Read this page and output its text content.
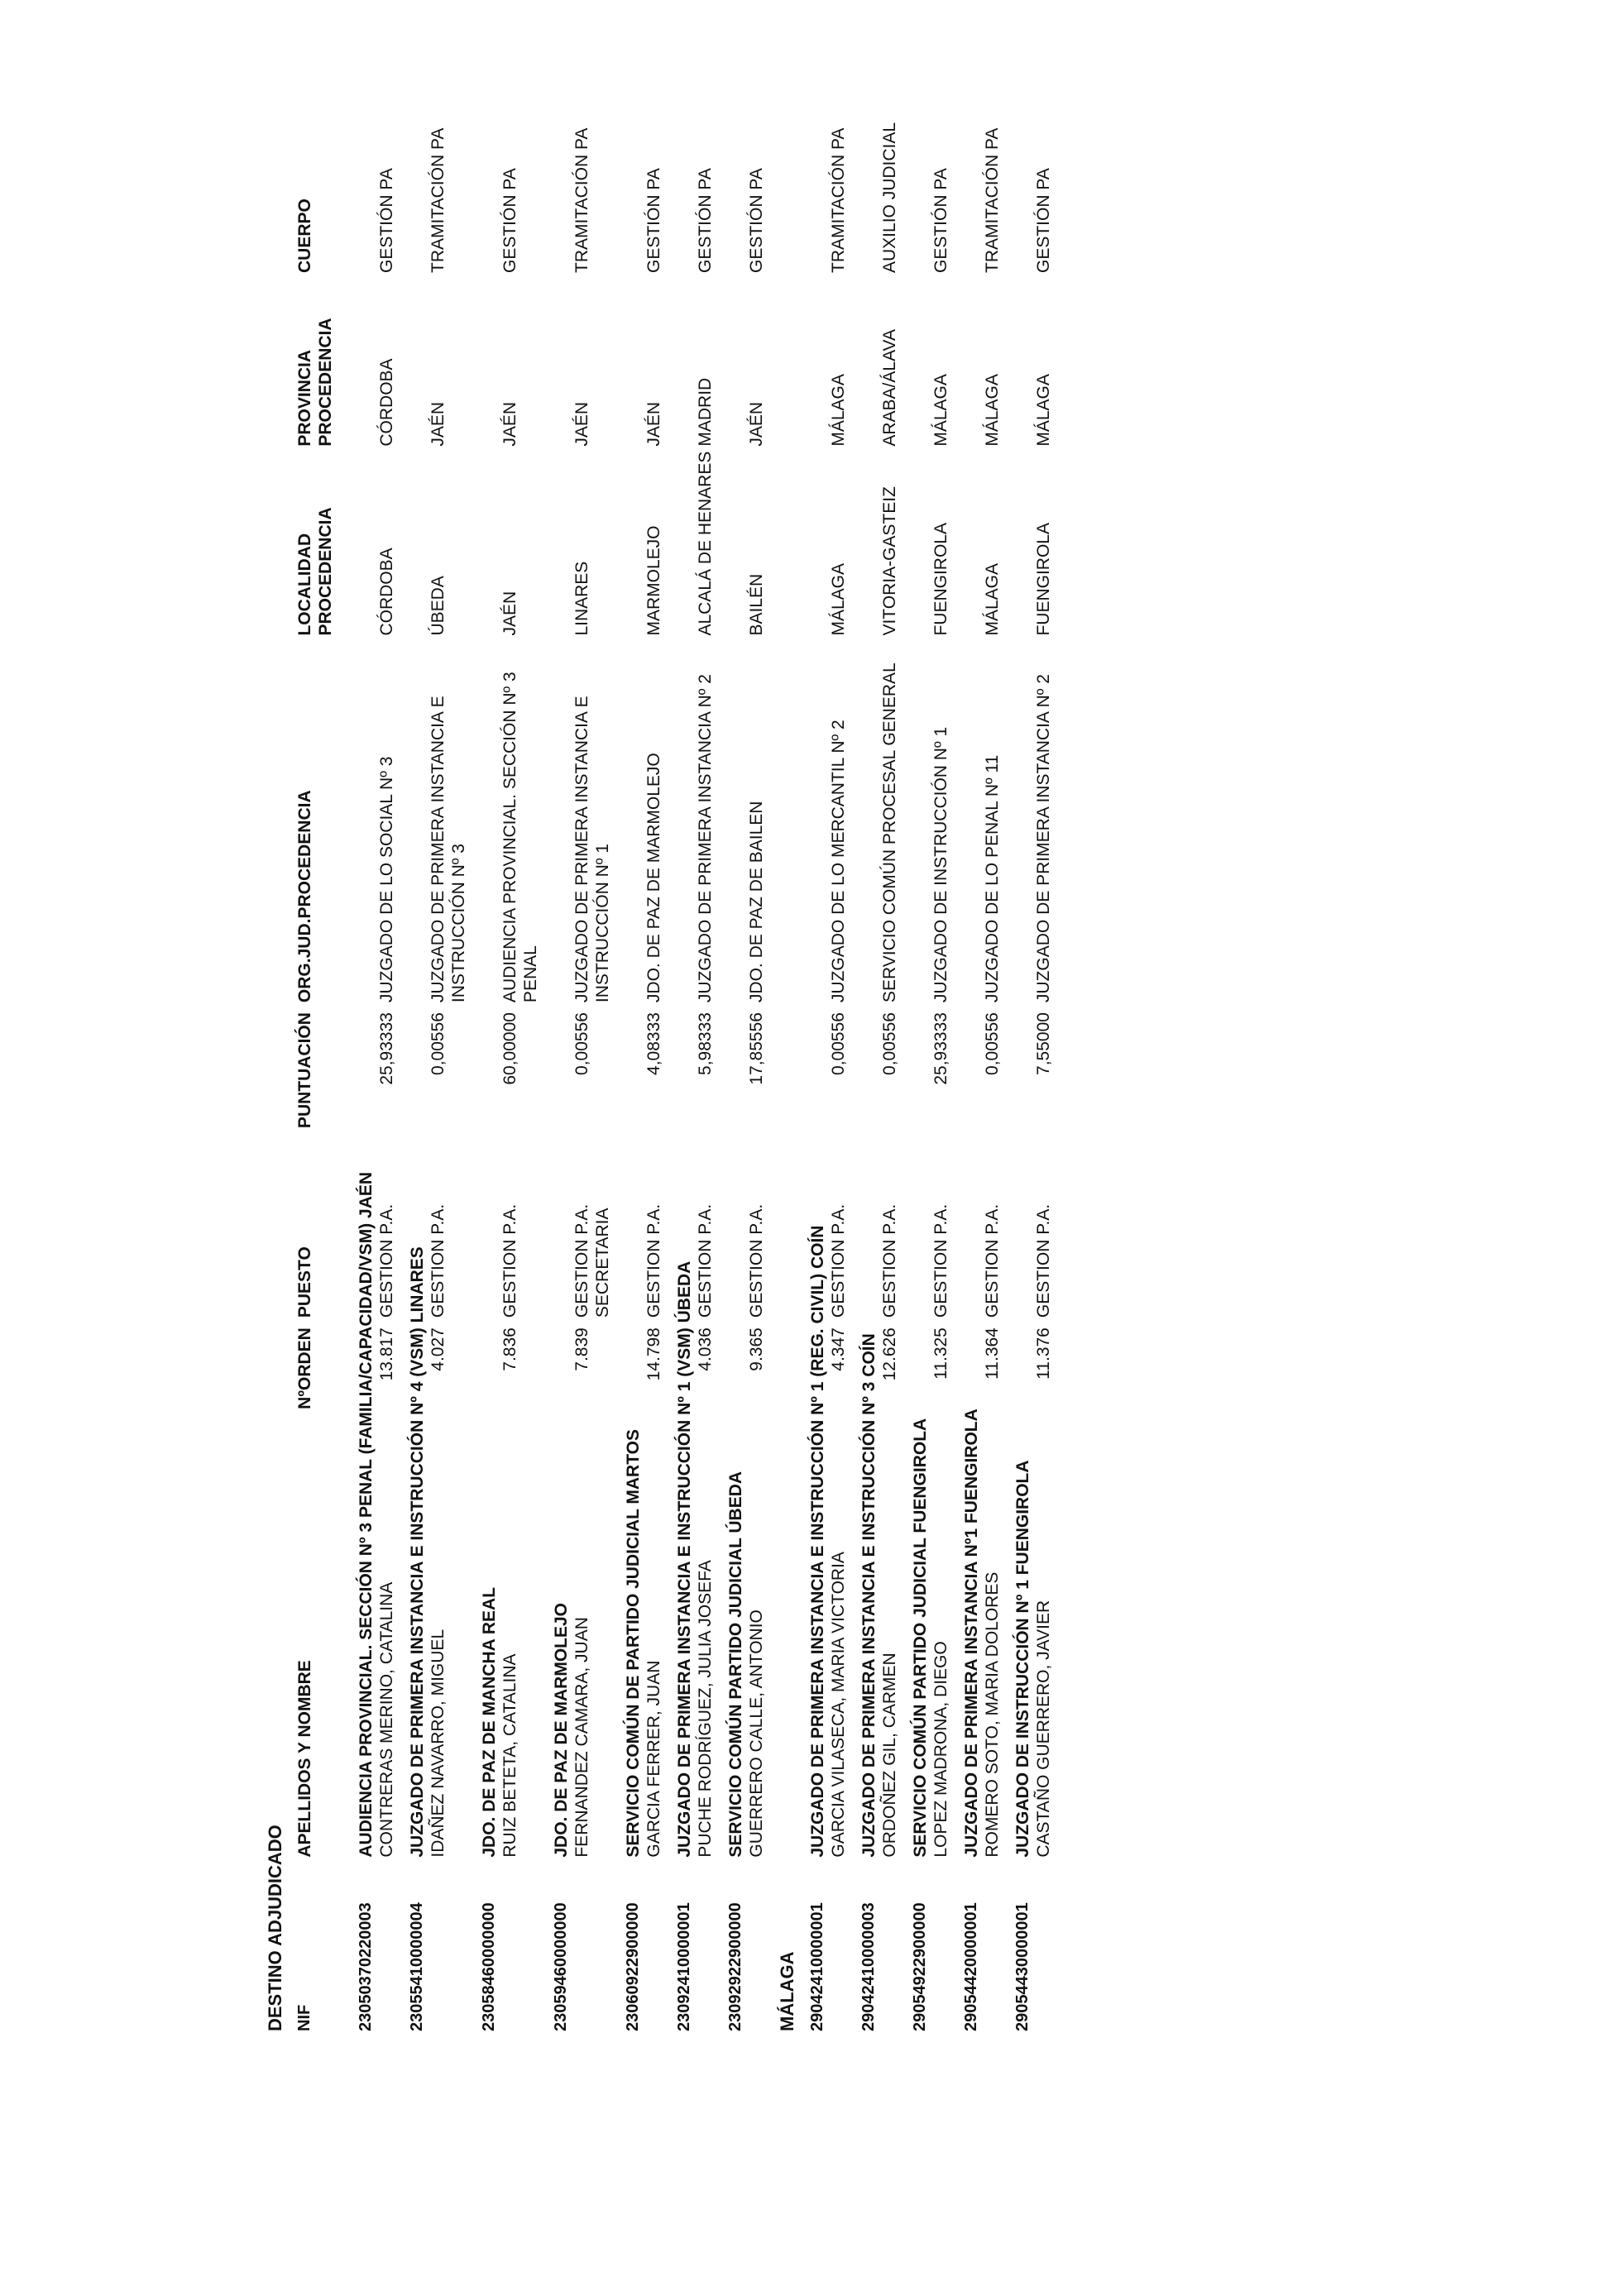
DESTINO ADJUDICADO NIF	APELLIDOS Y NOMBRE	NºORDEN	PUESTO	PUNTUACIÓN	ORG.JUD.PROCEDENCIA	LOCALIDAD PROCEDENCIA	PROVINCIA PROCEDENCIA	CUERPO
23050370220003	AUDIENCIA PROVINCIAL. SECCIÓN Nº 3 PENAL (FAMILIA/CAPACIDAD/VSM) JAÉN							
	CONTRERAS MERINO, CATALINA	13.817	GESTION P.A.	25,93333	JUZGADO DE LO SOCIAL Nº 3	CÓRDOBA	CÓRDOBA	GESTIÓN PA
23055410000004	JUZGADO DE PRIMERA INSTANCIA E INSTRUCCIÓN Nº 4 (VSM) LINARES							
	IDAÑEZ NAVARRO, MIGUEL	4.027	GESTION P.A.	0,00556	JUZGADO DE PRIMERA INSTANCIA E INSTRUCCIÓN Nº 3	ÚBEDA	JAÉN	TRAMITACIÓN PA
23058460000000	JDO. DE PAZ DE MANCHA REAL							
	RUIZ BETETA, CATALINA	7.836	GESTION P.A.	60,00000	AUDIENCIA PROVINCIAL. SECCIÓN Nº 3 PENAL	JAÉN	JAÉN	GESTIÓN PA
23059460000000	JDO. DE PAZ DE MARMOLEJO							
	FERNANDEZ CAMARA, JUAN	7.839	GESTION P.A. SECRETARIA	0,00556	JUZGADO DE PRIMERA INSTANCIA E INSTRUCCIÓN Nº 1	LINARES	JAÉN	TRAMITACIÓN PA
23060922900000	SERVICIO COMÚN DE PARTIDO JUDICIAL MARTOS							
	GARCIA FERRER, JUAN	14.798	GESTION P.A.	4,08333	JDO. DE PAZ DE MARMOLEJO	MARMOLEJO	JAÉN	GESTIÓN PA
23092410000001	JUZGADO DE PRIMERA INSTANCIA E INSTRUCCIÓN Nº 1 (VSM) ÚBEDA							
	PUCHE RODRÍGUEZ, JULIA JOSEFA	4.036	GESTION P.A.	5,98333	JUZGADO DE PRIMERA INSTANCIA Nº 2	ALCALÁ DE HENARES	MADRID	GESTIÓN PA
23092922900000	SERVICIO COMÚN PARTIDO JUDICIAL ÚBEDA							
	GUERRERO CALLE, ANTONIO	9.365	GESTION P.A.	17,85556	JDO. DE PAZ DE BAILEN	BAILÉN	JAÉN	GESTIÓN PA
MÁLAGA								
29042410000001	JUZGADO DE PRIMERA INSTANCIA E INSTRUCCIÓN Nº 1 (REG. CIVIL) COÍN							
	GARCIA VILASECA, MARIA VICTORIA	4.347	GESTION P.A.	0,00556	JUZGADO DE LO MERCANTIL Nº 2	MÁLAGA	MÁLAGA	TRAMITACIÓN PA
29042410000003	JUZGADO DE PRIMERA INSTANCIA E INSTRUCCIÓN Nº 3 COÍN							
	ORDOÑEZ GIL, CARMEN	12.626	GESTION P.A.	0,00556	SERVICIO COMÚN PROCESAL GENERAL	VITORIA-GASTEIZ	ARABA/ÁLAVA	AUXILIO JUDICIAL
29054922900000	SERVICIO COMÚN PARTIDO JUDICIAL FUENGIROLA							
	LOPEZ MADRONA, DIEGO	11.325	GESTION P.A.	25,93333	JUZGADO DE INSTRUCCIÓN Nº 1	FUENGIROLA	MÁLAGA	GESTIÓN PA
29054420000001	JUZGADO DE PRIMERA INSTANCIA Nº1 FUENGIROLA							
	ROMERO SOTO, MARIA DOLORES	11.364	GESTION P.A.	0,00556	JUZGADO DE LO PENAL Nº 11	MÁLAGA	MÁLAGA	TRAMITACIÓN PA
29054430000001	JUZGADO DE INSTRUCCIÓN Nº 1 FUENGIROLA							
	CASTAÑO GUERRERO, JAVIER	11.376	GESTION P.A.	7,55000	JUZGADO DE PRIMERA INSTANCIA Nº 2	FUENGIROLA	MÁLAGA	GESTIÓN PA
